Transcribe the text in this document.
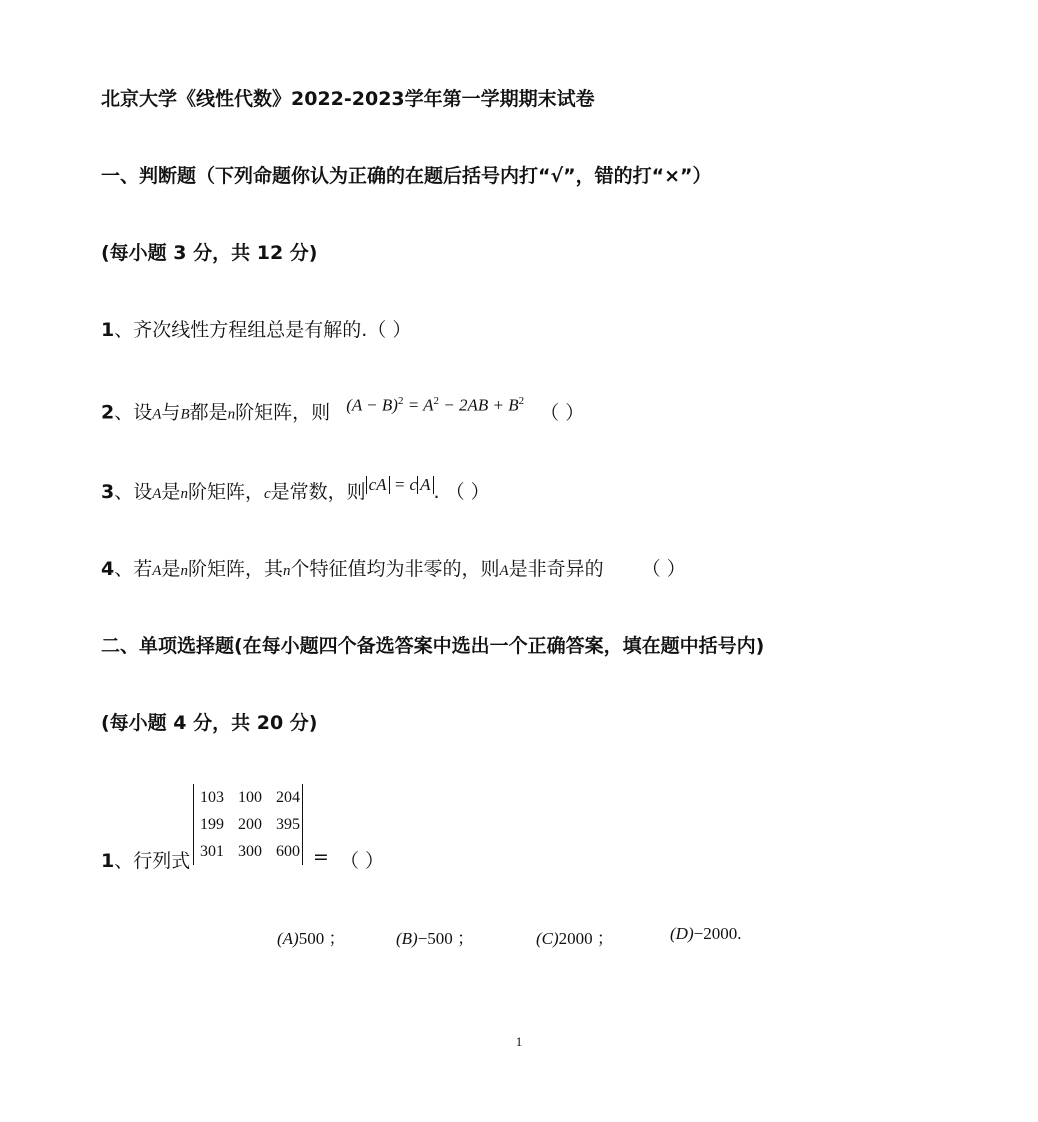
北京大学《线性代数》2022-2023学年第一学期期末试卷
一、判断题（下列命题你认为正确的在题后括号内打“√”，错的打“×”）
(每小题 3 分，共 12 分)
1、齐次线性方程组总是有解的.（ ）
2、设A与B都是n阶矩阵，则 $(A - B)^2 = A^2 - 2AB + B^2$ （ ）
3、设A是n阶矩阵，c是常数，则 cA = c A . （ ）
4、若A是n阶矩阵，其n个特征值均为非零的，则A是非奇异的 （ ）
二、单项选择题(在每小题四个备选答案中选出一个正确答案，填在题中括号内)
(每小题 4 分，共 20 分)
1、行列式
103 100 204
199 200 395
301 300 600 = （ ）
(A)500 ；	(B)−500 ；	(C)2000 ；	(D)−2000.
1
